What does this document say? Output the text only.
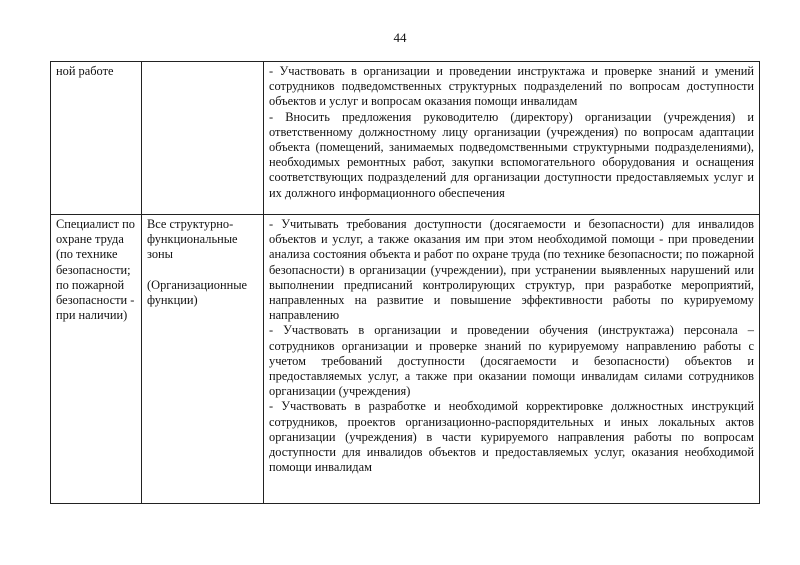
44
ной работе		- Участвовать в организации и проведении инструктажа и проверке знаний и умений сотрудников подведомственных структурных подразделений по вопросам доступности объектов и услуг и вопросам оказания помощи инвалидам
- Вносить предложения руководителю (директору) организации (учреждения) и ответственному должностному лицу организации (учреждения) по вопросам адаптации объекта (помещений, занимаемых подведомственными структурными подразделениями), необходимых ремонтных работ, закупки вспомогательного оборудования и оснащения соответствующих подразделений для организации доступности предоставляемых услуг и их должного информационного обеспечения

Специалист по охране труда (по технике безопасности; по пожарной безопасности - при наличии)	Все структурно-функциональные зоны
(Организационные функции)	- Учитывать требования доступности (досягаемости и безопасности) для инвалидов объектов и услуг, а также оказания им при этом необходимой помощи - при проведении анализа состояния объекта и работ по охране труда (по технике безопасности; по пожарной безопасности) в организации (учреждении), при устранении выявленных нарушений или выполнении предписаний контролирующих структур, при разработке мероприятий, направленных на развитие и повышение эффективности работы по курируемому направлению
- Участвовать в организации и проведении обучения (инструктажа) персонала – сотрудников организации и проверке знаний по курируемому направлению работы с учетом требований доступности (досягаемости и безопасности) объектов и предоставляемых услуг, а также при оказании помощи инвалидам силами сотрудников организации (учреждения)
- Участвовать в разработке и необходимой корректировке должностных инструкций сотрудников, проектов организационно-распорядительных и иных локальных актов организации (учреждения) в части курируемого направления работы по вопросам доступности для инвалидов объектов и предоставляемых услуг, оказания необходимой помощи инвалидам
